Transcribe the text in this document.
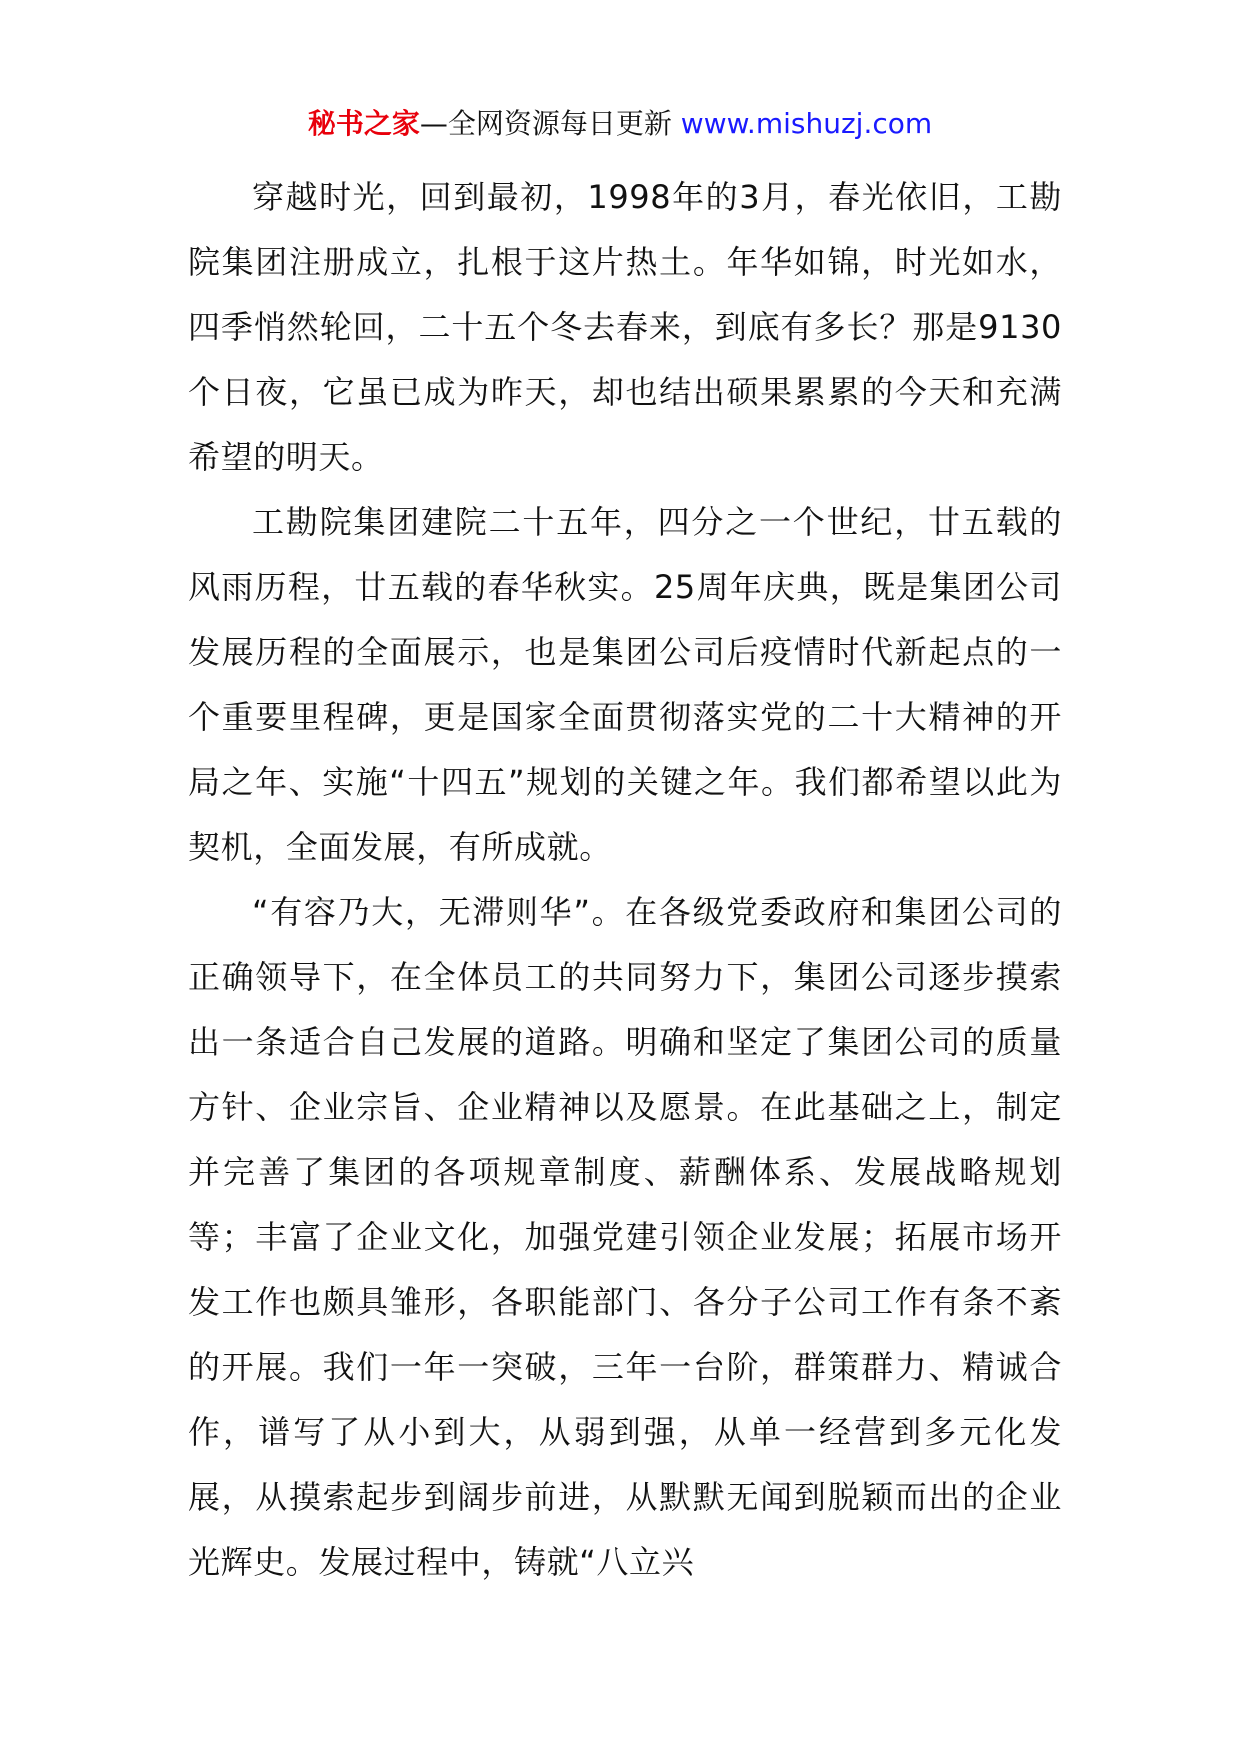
秘书之家—全网资源每日更新 www.mishuzj.com

穿越时光，回到最初，1998年的3月，春光依旧，工勘院集团注册成立，扎根于这片热土。年华如锦，时光如水，四季悄然轮回，二十五个冬去春来，到底有多长？那是9130个日夜，它虽已成为昨天，却也结出硕果累累的今天和充满希望的明天。

工勘院集团建院二十五年，四分之一个世纪，廿五载的风雨历程，廿五载的春华秋实。25周年庆典，既是集团公司发展历程的全面展示，也是集团公司后疫情时代新起点的一个重要里程碑，更是国家全面贯彻落实党的二十大精神的开局之年、实施“十四五”规划的关键之年。我们都希望以此为契机，全面发展，有所成就。

“有容乃大，无滞则华”。在各级党委政府和集团公司的正确领导下，在全体员工的共同努力下，集团公司逐步摸索出一条适合自己发展的道路。明确和坚定了集团公司的质量方针、企业宗旨、企业精神以及愿景。在此基础之上，制定并完善了集团的各项规章制度、薪酬体系、发展战略规划等；丰富了企业文化，加强党建引领企业发展；拓展市场开发工作也颇具雏形，各职能部门、各分子公司工作有条不紊的开展。我们一年一突破，三年一台阶，群策群力、精诚合作，谱写了从小到大，从弱到强，从单一经营到多元化发展，从摸索起步到阔步前进，从默默无闻到脱颖而出的企业光辉史。发展过程中，铸就“八立兴
